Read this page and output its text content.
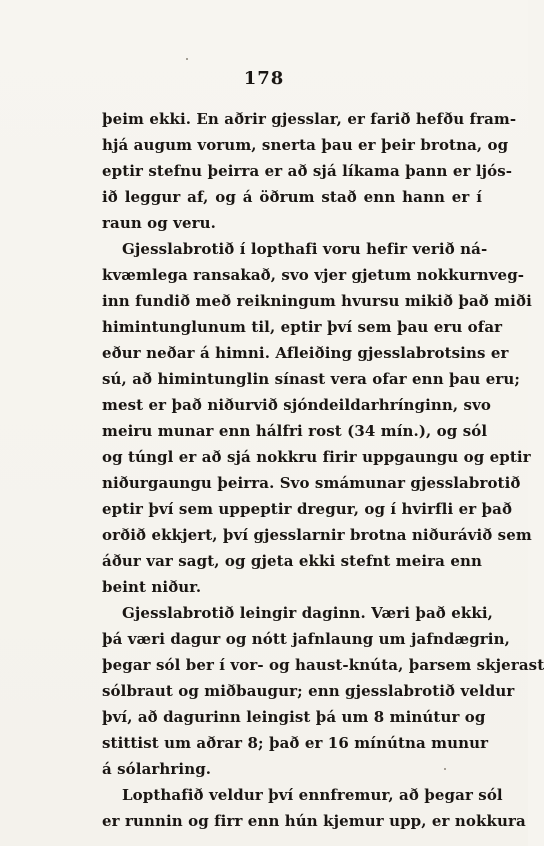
178
þeim ekki. En aðrir gjesslar, er farið hefðu fram-
hjá augum vorum, snerta þau er þeir brotna, og
eptir stefnu þeirra er að sjá líkama þann er ljós-
ið leggur af, og á öðrum stað enn hann er í
raun og veru.
Gjesslabrotið í lopthafi voru hefir verið ná-
kvæmlega ransakað, svo vjer gjetum nokkurnveg-
inn fundið með reikningum hvursu mikið það miði
himintunglunum til, eptir því sem þau eru ofar
eður neðar á himni. Afleiðing gjesslabrotsins er
sú, að himintunglin sínast vera ofar enn þau eru;
mest er það niðurvið sjóndeildarhrínginn, svo
meiru munar enn hálfri rost (34 mín.), og sól
og túngl er að sjá nokkru firir uppgaungu og eptir
niðurgaungu þeirra. Svo smámunar gjesslabrotið
eptir því sem uppeptir dregur, og í hvirfli er það
orðið ekkjert, því gjesslarnir brotna niðurávið sem
áður var sagt, og gjeta ekki stefnt meira enn
beint niður.
Gjesslabrotið leingir daginn. Væri það ekki,
þá væri dagur og nótt jafnlaung um jafndægrin,
þegar sól ber í vor- og haust-knúta, þarsem skjerast
sólbraut og miðbaugur; enn gjesslabrotið veldur
því, að dagurinn leingist þá um 8 minútur og
stittist um aðrar 8; það er 16 mínútna munur
á sólarhring.
Lopthafið veldur því ennfremur, að þegar sól
er runnin og firr enn hún kjemur upp, er nokkura
